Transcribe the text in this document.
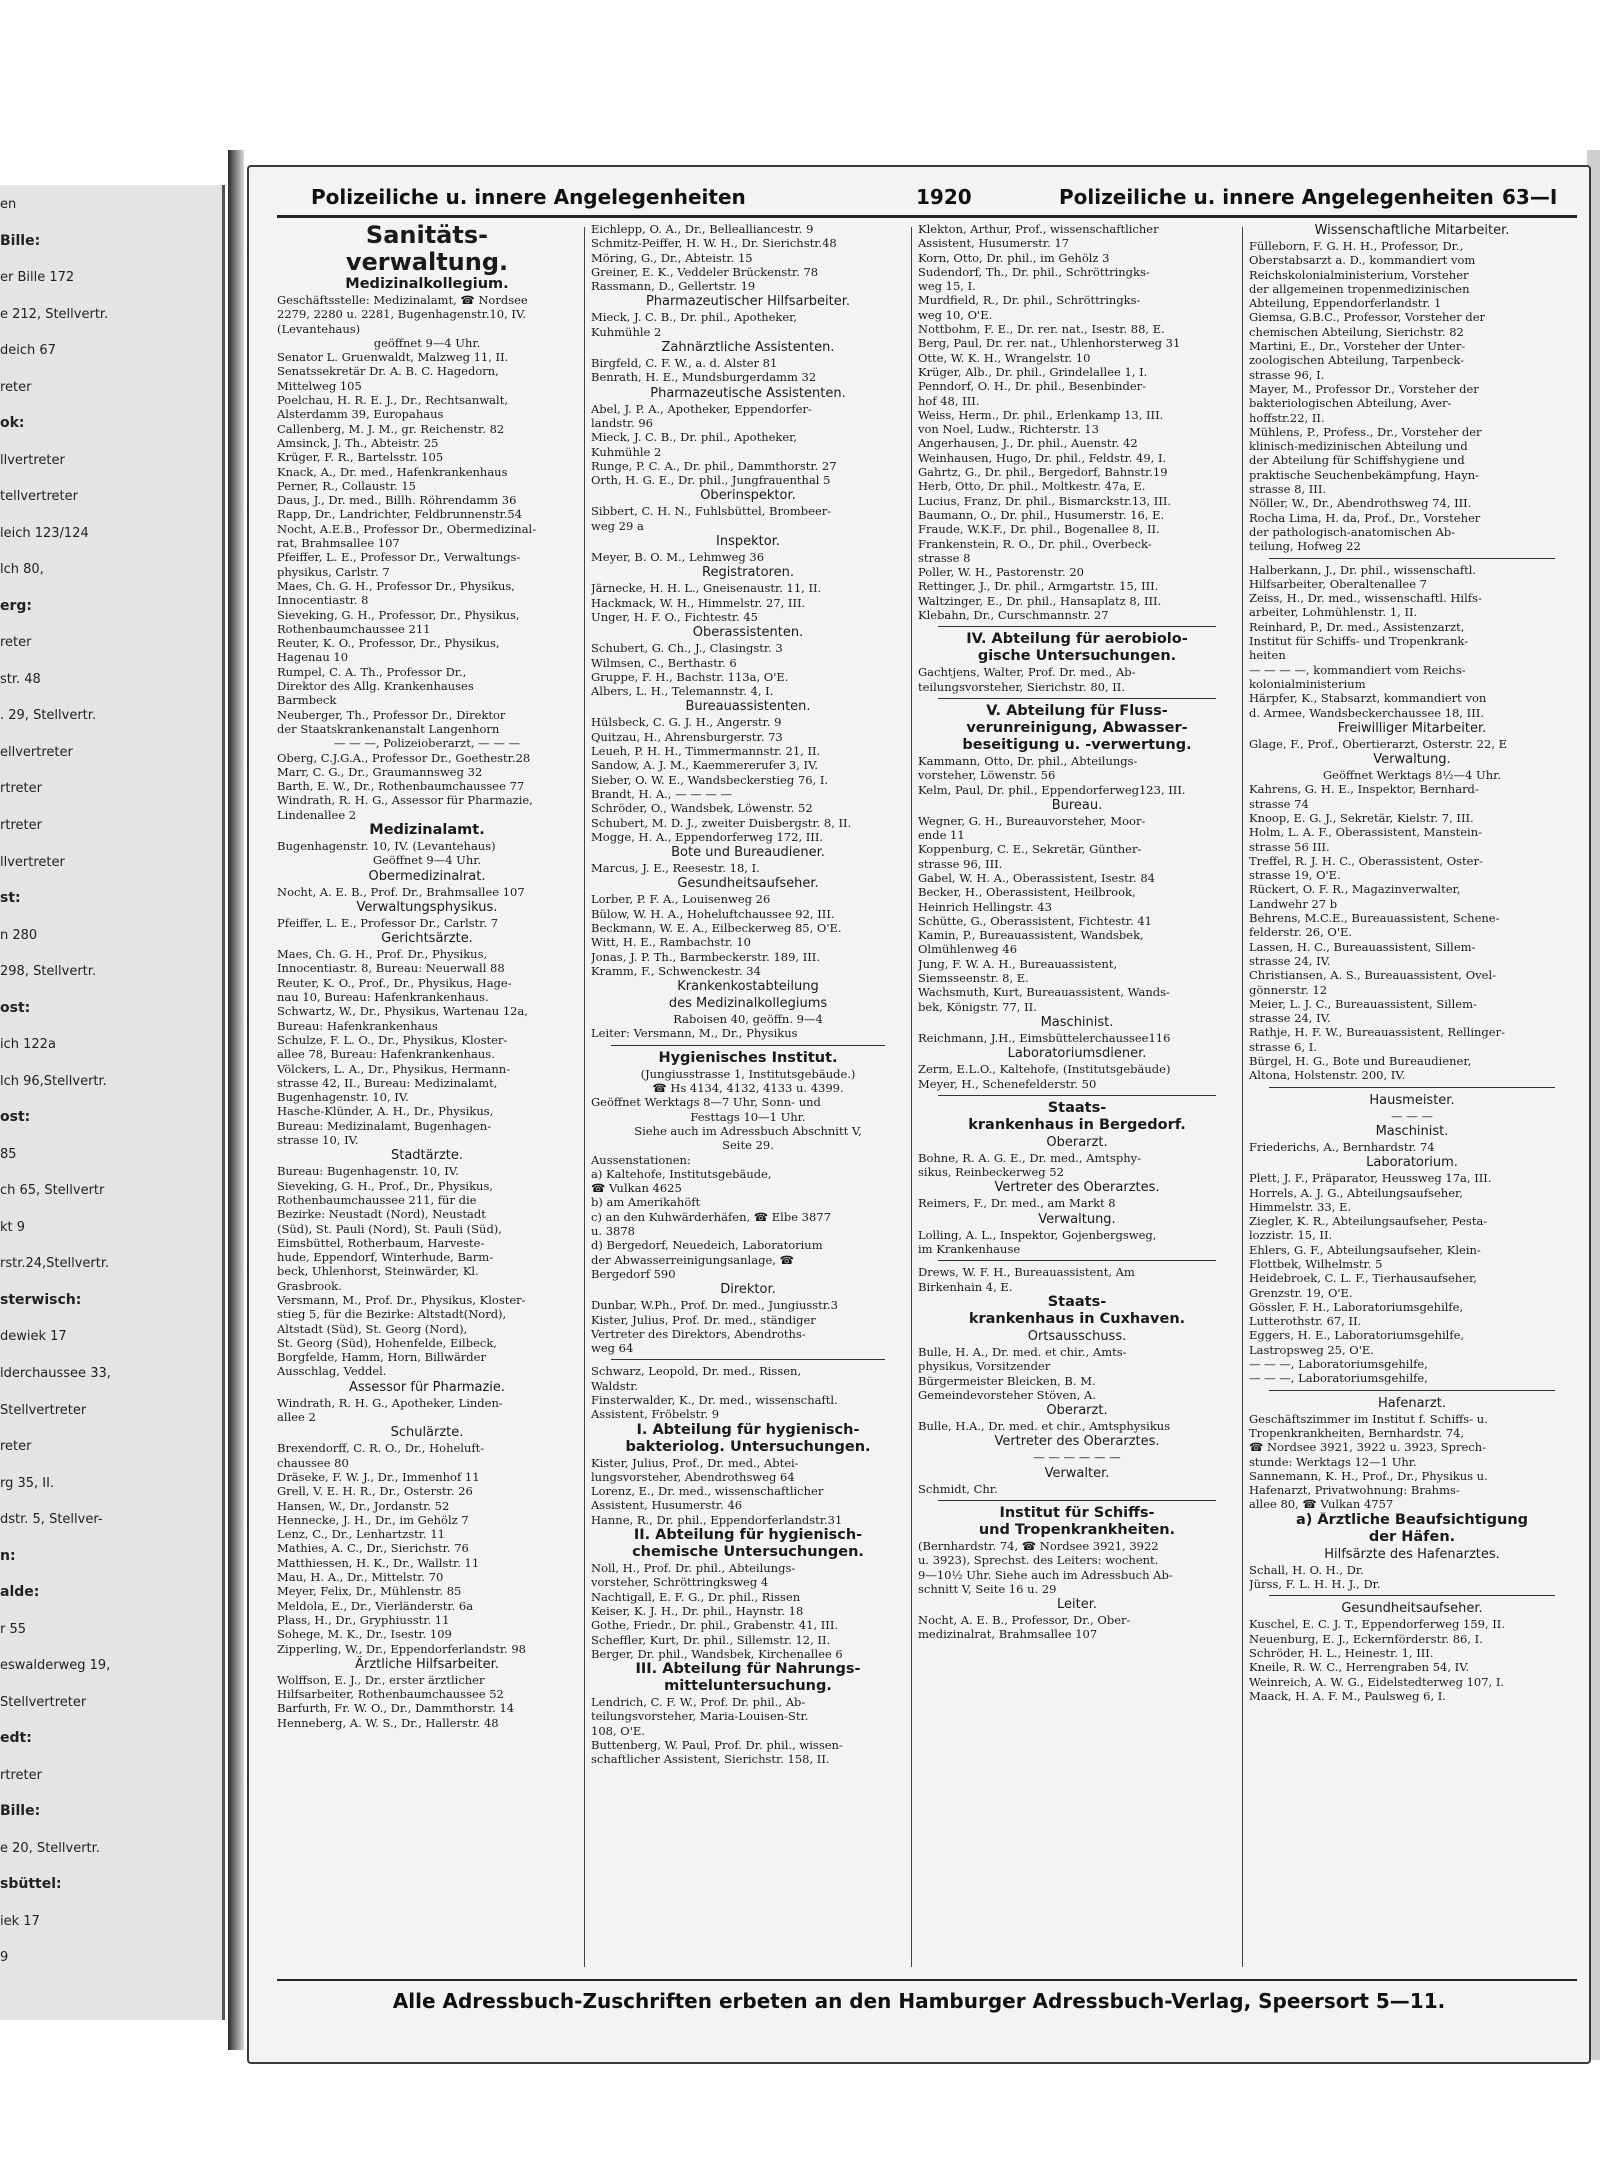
en
Bille:
er Bille 172
e 212, Stellvertr.
deich 67
reter
ok:
llvertreter
tellvertreter
leich 123/124
lch 80,
erg:
reter
str. 48
. 29, Stellvertr.
ellvertreter
rtreter
rtreter
llvertreter
st:
n 280
298, Stellvertr.
ost:
ich 122a
lch 96,Stellvertr.
ost:
85
ch 65, Stellvertr
kt 9
rstr.24,Stellvertr.
sterwisch:
dewiek 17
lderchaussee 33,
Stellvertreter
reter
rg 35, II.
dstr. 5, Stellver-
n:
alde:
r 55
eswalderweg 19,
Stellvertreter
edt:
rtreter
Bille:
e 20, Stellvertr.
sbüttel:
iek 17
9
Polizeiliche u. innere Angelegenheiten	1920	Polizeiliche u. innere Angelegenheiten 63—I
Sanitäts-
verwaltung.
Medizinalkollegium.
Geschäftsstelle: Medizinalamt, ☎ Nordsee
2279, 2280 u. 2281, Bugenhagenstr.10, IV.
(Levantehaus)
geöffnet 9—4 Uhr.
Senator L. Gruenwaldt, Malzweg 11, II.
Senatssekretär Dr. A. B. C. Hagedorn,
Mittelweg 105
Poelchau, H. R. E. J., Dr., Rechtsanwalt,
Alsterdamm 39, Europahaus
Callenberg, M. J. M., gr. Reichenstr. 82
Amsinck, J. Th., Abteistr. 25
Krüger, F. R., Bartelsstr. 105
Knack, A., Dr. med., Hafenkrankenhaus
Perner, R., Collaustr. 15
Daus, J., Dr. med., Billh. Röhrendamm 36
Rapp, Dr., Landrichter, Feldbrunnenstr.54
Nocht, A.E.B., Professor Dr., Obermedizinal-
rat, Brahmsallee 107
Pfeiffer, L. E., Professor Dr., Verwaltungs-
physikus, Carlstr. 7
Maes, Ch. G. H., Professor Dr., Physikus,
Innocentiastr. 8
Sieveking, G. H., Professor, Dr., Physikus,
Rothenbaumchaussee 211
Reuter, K. O., Professor, Dr., Physikus,
Hagenau 10
Rumpel, C. A. Th., Professor Dr.,
Direktor des Allg. Krankenhauses
Barmbeck
Neuberger, Th., Professor Dr., Direktor
der Staatskrankenanstalt Langenhorn
— — —, Polizeioberarzt, — — —
Oberg, C.J.G.A., Professor Dr., Goethestr.28
Marr, C. G., Dr., Graumannsweg 32
Barth, E. W., Dr., Rothenbaumchaussee 77
Windrath, R. H. G., Assessor für Pharmazie,
Lindenallee 2
Medizinalamt.
Bugenhagenstr. 10, IV. (Levantehaus)
Geöffnet 9—4 Uhr.
Obermedizinalrat.
Nocht, A. E. B., Prof. Dr., Brahmsallee 107
Verwaltungsphysikus.
Pfeiffer, L. E., Professor Dr., Carlstr. 7
Gerichtsärzte.
Maes, Ch. G. H., Prof. Dr., Physikus,
Innocentiastr. 8, Bureau: Neuerwall 88
Reuter, K. O., Prof., Dr., Physikus, Hage-
nau 10, Bureau: Hafenkrankenhaus.
Schwartz, W., Dr., Physikus, Wartenau 12a,
Bureau: Hafenkrankenhaus
Schulze, F. L. O., Dr., Physikus, Kloster-
allee 78, Bureau: Hafenkrankenhaus.
Völckers, L. A., Dr., Physikus, Hermann-
strasse 42, II., Bureau: Medizinalamt,
Bugenhagenstr. 10, IV.
Hasche-Klünder, A. H., Dr., Physikus,
Bureau: Medizinalamt, Bugenhagen-
strasse 10, IV.
Stadtärzte.
Bureau: Bugenhagenstr. 10, IV.
Sieveking, G. H., Prof., Dr., Physikus,
Rothenbaumchaussee 211, für die
Bezirke: Neustadt (Nord), Neustadt
(Süd), St. Pauli (Nord), St. Pauli (Süd),
Eimsbüttel, Rotherbaum, Harveste-
hude, Eppendorf, Winterhude, Barm-
beck, Uhlenhorst, Steinwärder, Kl.
Grasbrook.
Versmann, M., Prof. Dr., Physikus, Kloster-
stieg 5, für die Bezirke: Altstadt(Nord),
Altstadt (Süd), St. Georg (Nord),
St. Georg (Süd), Hohenfelde, Eilbeck,
Borgfelde, Hamm, Horn, Billwärder
Ausschlag, Veddel.
Assessor für Pharmazie.
Windrath, R. H. G., Apotheker, Linden-
allee 2
Schulärzte.
Brexendorff, C. R. O., Dr., Hoheluft-
chaussee 80
Dräseke, F. W. J., Dr., Immenhof 11
Grell, V. E. H. R., Dr., Osterstr. 26
Hansen, W., Dr., Jordanstr. 52
Hennecke, J. H., Dr., im Gehölz 7
Lenz, C., Dr., Lenhartzstr. 11
Mathies, A. C., Dr., Sierichstr. 76
Matthiessen, H. K., Dr., Wallstr. 11
Mau, H. A., Dr., Mittelstr. 70
Meyer, Felix, Dr., Mühlenstr. 85
Meldola, E., Dr., Vierländerstr. 6a
Plass, H., Dr., Gryphiusstr. 11
Sohege, M. K., Dr., Isestr. 109
Zipperling, W., Dr., Eppendorferlandstr. 98
Ärztliche Hilfsarbeiter.
Wolffson, E. J., Dr., erster ärztlicher
Hilfsarbeiter, Rothenbaumchaussee 52
Barfurth, Fr. W. O., Dr., Dammthorstr. 14
Henneberg, A. W. S., Dr., Hallerstr. 48
Eichlepp, O. A., Dr., Bellealliancestr. 9
Schmitz-Peiffer, H. W. H., Dr. Sierichstr.48
Möring, G., Dr., Abteistr. 15
Greiner, E. K., Veddeler Brückenstr. 78
Rassmann, D., Gellertstr. 19
Pharmazeutischer Hilfsarbeiter.
Mieck, J. C. B., Dr. phil., Apotheker,
Kuhmühle 2
Zahnärztliche Assistenten.
Birgfeld, C. F. W., a. d. Alster 81
Benrath, H. E., Mundsburgerdamm 32
Pharmazeutische Assistenten.
Abel, J. P. A., Apotheker, Eppendorfer-
landstr. 96
Mieck, J. C. B., Dr. phil., Apotheker,
Kuhmühle 2
Runge, P. C. A., Dr. phil., Dammthorstr. 27
Orth, H. G. E., Dr. phil., Jungfrauenthal 5
Oberinspektor.
Sibbert, C. H. N., Fuhlsbüttel, Brombeer-
weg 29 a
Inspektor.
Meyer, B. O. M., Lehmweg 36
Registratoren.
Järnecke, H. H. L., Gneisenaustr. 11, II.
Hackmack, W. H., Himmelstr. 27, III.
Unger, H. F. O., Fichtestr. 45
Oberassistenten.
Schubert, G. Ch., J., Clasingstr. 3
Wilmsen, C., Berthastr. 6
Gruppe, F. H., Bachstr. 113a, O'E.
Albers, L. H., Telemannstr. 4, I.
Bureauassistenten.
Hülsbeck, C. G. J. H., Angerstr. 9
Quitzau, H., Ahrensburgerstr. 73
Leueh, P. H. H., Timmermannstr. 21, II.
Sandow, A. J. M., Kaemmererufer 3, IV.
Sieber, O. W. E., Wandsbeckerstieg 76, I.
Brandt, H. A., — — — —
Schröder, O., Wandsbek, Löwenstr. 52
Schubert, M. D. J., zweiter Duisbergstr. 8, II.
Mogge, H. A., Eppendorferweg 172, III.
Bote und Bureaudiener.
Marcus, J. E., Reesestr. 18, I.
Gesundheitsaufseher.
Lorber, P. F. A., Louisenweg 26
Bülow, W. H. A., Hoheluftchaussee 92, III.
Beckmann, W. E. A., Eilbeckerweg 85, O'E.
Witt, H. E., Rambachstr. 10
Jonas, J. P. Th., Barmbeckerstr. 189, III.
Kramm, F., Schwenckestr. 34
Krankenkostabteilung
des Medizinalkollegiums
Raboisen 40, geöffn. 9—4
Leiter: Versmann, M., Dr., Physikus
Hygienisches Institut.
(Jungiusstrasse 1, Institutsgebäude.)
☎ Hs 4134, 4132, 4133 u. 4399.
Geöffnet Werktags 8—7 Uhr, Sonn- und
Festtags 10—1 Uhr.
Siehe auch im Adressbuch Abschnitt V,
Seite 29.
Aussenstationen:
a) Kaltehofe, Institutsgebäude,
☎ Vulkan 4625
b) am Amerikahöft
c) an den Kuhwärderhäfen, ☎ Elbe 3877
u. 3878
d) Bergedorf, Neuedeich, Laboratorium
der Abwasserreinigungsanlage, ☎
Bergedorf 590
Direktor.
Dunbar, W.Ph., Prof. Dr. med., Jungiusstr.3
Kister, Julius, Prof. Dr. med., ständiger
Vertreter des Direktors, Abendroths-
weg 64
Schwarz, Leopold, Dr. med., Rissen,
Waldstr.
Finsterwalder, K., Dr. med., wissenschaftl.
Assistent, Fröbelstr. 9
I. Abteilung für hygienisch-
bakteriolog. Untersuchungen.
Kister, Julius, Prof., Dr. med., Abtei-
lungsvorsteher, Abendrothsweg 64
Lorenz, E., Dr. med., wissenschaftlicher
Assistent, Husumerstr. 46
Hanne, R., Dr. phil., Eppendorferlandstr.31
II. Abteilung für hygienisch-
chemische Untersuchungen.
Noll, H., Prof. Dr. phil., Abteilungs-
vorsteher, Schröttringksweg 4
Nachtigall, E. F. G., Dr. phil., Rissen
Keiser, K. J. H., Dr. phil., Haynstr. 18
Gothe, Friedr., Dr. phil., Grabenstr. 41, III.
Scheffler, Kurt, Dr. phil., Sillemstr. 12, II.
Berger, Dr. phil., Wandsbek, Kirchenallee 6
III. Abteilung für Nahrungs-
mitteluntersuchung.
Lendrich, C. F. W., Prof. Dr. phil., Ab-
teilungsvorsteher, Maria-Louisen-Str.
108, O'E.
Buttenberg, W. Paul, Prof. Dr. phil., wissen-
schaftlicher Assistent, Sierichstr. 158, II.
Klekton, Arthur, Prof., wissenschaftlicher
Assistent, Husumerstr. 17
Korn, Otto, Dr. phil., im Gehölz 3
Sudendorf, Th., Dr. phil., Schröttringks-
weg 15, I.
Murdfield, R., Dr. phil., Schröttringks-
weg 10, O'E.
Nottbohm, F. E., Dr. rer. nat., Isestr. 88, E.
Berg, Paul, Dr. rer. nat., Uhlenhorsterweg 31
Otte, W. K. H., Wrangelstr. 10
Krüger, Alb., Dr. phil., Grindelallee 1, I.
Penndorf, O. H., Dr. phil., Besenbinder-
hof 48, III.
Weiss, Herm., Dr. phil., Erlenkamp 13, III.
von Noel, Ludw., Richterstr. 13
Angerhausen, J., Dr. phil., Auenstr. 42
Weinhausen, Hugo, Dr. phil., Feldstr. 49, I.
Gahrtz, G., Dr. phil., Bergedorf, Bahnstr.19
Herb, Otto, Dr. phil., Moltkestr. 47a, E.
Lucius, Franz, Dr. phil., Bismarckstr.13, III.
Baumann, O., Dr. phil., Husumerstr. 16, E.
Fraude, W.K.F., Dr. phil., Bogenallee 8, II.
Frankenstein, R. O., Dr. phil., Overbeck-
strasse 8
Poller, W. H., Pastorenstr. 20
Rettinger, J., Dr. phil., Armgartstr. 15, III.
Waltzinger, E., Dr. phil., Hansaplatz 8, III.
Klebahn, Dr., Curschmannstr. 27
IV. Abteilung für aerobiolo-
gische Untersuchungen.
Gachtjens, Walter, Prof. Dr. med., Ab-
teilungsvorsteher, Sierichstr. 80, II.
V. Abteilung für Fluss-
verunreinigung, Abwasser-
beseitigung u. -verwertung.
Kammann, Otto, Dr. phil., Abteilungs-
vorsteher, Löwenstr. 56
Kelm, Paul, Dr. phil., Eppendorferweg123, III.
Bureau.
Wegner, G. H., Bureauvorsteher, Moor-
ende 11
Koppenburg, C. E., Sekretär, Günther-
strasse 96, III.
Gabel, W. H. A., Oberassistent, Isestr. 84
Becker, H., Oberassistent, Heilbrook,
Heinrich Hellingstr. 43
Schütte, G., Oberassistent, Fichtestr. 41
Kamin, P., Bureauassistent, Wandsbek,
Olmühlenweg 46
Jung, F. W. A. H., Bureauassistent,
Siemsseenstr. 8, E.
Wachsmuth, Kurt, Bureauassistent, Wands-
bek, Königstr. 77, II.
Maschinist.
Reichmann, J.H., Eimsbüttelerchaussee116
Laboratoriumsdiener.
Zerm, E.L.O., Kaltehofe, (Institutsgebäude)
Meyer, H., Schenefelderstr. 50
Staats-
krankenhaus in Bergedorf.
Oberarzt.
Bohne, R. A. G. E., Dr. med., Amtsphy-
sikus, Reinbeckerweg 52
Vertreter des Oberarztes.
Reimers, F., Dr. med., am Markt 8
Verwaltung.
Lolling, A. L., Inspektor, Gojenbergsweg,
im Krankenhause
Drews, W. F. H., Bureauassistent, Am
Birkenhain 4, E.
Staats-
krankenhaus in Cuxhaven.
Ortsausschuss.
Bulle, H. A., Dr. med. et chir., Amts-
physikus, Vorsitzender
Bürgermeister Bleicken, B. M.
Gemeindevorsteher Stöven, A.
Oberarzt.
Bulle, H.A., Dr. med. et chir., Amtsphysikus
Vertreter des Oberarztes.
— — — — — —
Verwalter.
Schmidt, Chr.
Institut für Schiffs-
und Tropenkrankheiten.
(Bernhardstr. 74, ☎ Nordsee 3921, 3922
u. 3923), Sprechst. des Leiters: wochent.
9—10½ Uhr. Siehe auch im Adressbuch Ab-
schnitt V, Seite 16 u. 29
Leiter.
Nocht, A. E. B., Professor, Dr., Ober-
medizinalrat, Brahmsallee 107
Wissenschaftliche Mitarbeiter.
Fülleborn, F. G. H. H., Professor, Dr.,
Oberstabsarzt a. D., kommandiert vom
Reichskolonialministerium, Vorsteher
der allgemeinen tropenmedizinischen
Abteilung, Eppendorferlandstr. 1
Giemsa, G.B.C., Professor, Vorsteher der
chemischen Abteilung, Sierichstr. 82
Martini, E., Dr., Vorsteher der Unter-
zoologischen Abteilung, Tarpenbeck-
strasse 96, I.
Mayer, M., Professor Dr., Vorsteher der
bakteriologischen Abteilung, Aver-
hoffstr.22, II.
Mühlens, P., Profess., Dr., Vorsteher der
klinisch-medizinischen Abteilung und
der Abteilung für Schiffshygiene und
praktische Seuchenbekämpfung, Hayn-
strasse 8, III.
Nöller, W., Dr., Abendrothsweg 74, III.
Rocha Lima, H. da, Prof., Dr., Vorsteher
der pathologisch-anatomischen Ab-
teilung, Hofweg 22
Halberkann, J., Dr. phil., wissenschaftl.
Hilfsarbeiter, Oberaltenallee 7
Zeiss, H., Dr. med., wissenschaftl. Hilfs-
arbeiter, Lohmühlenstr. 1, II.
Reinhard, P., Dr. med., Assistenzarzt,
Institut für Schiffs- und Tropenkrank-
heiten
— — — —, kommandiert vom Reichs-
kolonialministerium
Härpfer, K., Stabsarzt, kommandiert von
d. Armee, Wandsbeckerchaussee 18, III.
Freiwilliger Mitarbeiter.
Glage, F., Prof., Obertierarzt, Osterstr. 22, E
Verwaltung.
Geöffnet Werktags 8½—4 Uhr.
Kahrens, G. H. E., Inspektor, Bernhard-
strasse 74
Knoop, E. G. J., Sekretär, Kielstr. 7, III.
Holm, L. A. F., Oberassistent, Manstein-
strasse 56 III.
Treffel, R. J. H. C., Oberassistent, Oster-
strasse 19, O'E.
Rückert, O. F. R., Magazinverwalter,
Landwehr 27 b
Behrens, M.C.E., Bureauassistent, Schene-
felderstr. 26, O'E.
Lassen, H. C., Bureauassistent, Sillem-
strasse 24, IV.
Christiansen, A. S., Bureauassistent, Ovel-
gönnerstr. 12
Meier, L. J. C., Bureauassistent, Sillem-
strasse 24, IV.
Rathje, H. F. W., Bureauassistent, Rellinger-
strasse 6, I.
Bürgel, H. G., Bote und Bureaudiener,
Altona, Holstenstr. 200, IV.
Hausmeister.
— — —
Maschinist.
Friederichs, A., Bernhardstr. 74
Laboratorium.
Plett, J. F., Präparator, Heussweg 17a, III.
Horrels, A. J. G., Abteilungsaufseher,
Himmelstr. 33, E.
Ziegler, K. R., Abteilungsaufseher, Pesta-
lozzistr. 15, II.
Ehlers, G. F., Abteilungsaufseher, Klein-
Flottbek, Wilhelmstr. 5
Heidebroek, C. L. F., Tierhausaufseher,
Grenzstr. 19, O'E.
Gössler, F. H., Laboratoriumsgehilfe,
Lutterothstr. 67, II.
Eggers, H. E., Laboratoriumsgehilfe,
Lastropsweg 25, O'E.
— — —, Laboratoriumsgehilfe,
— — —, Laboratoriumsgehilfe,
Hafenarzt.
Geschäftszimmer im Institut f. Schiffs- u.
Tropenkrankheiten, Bernhardstr. 74,
☎ Nordsee 3921, 3922 u. 3923, Sprech-
stunde: Werktags 12—1 Uhr.
Sannemann, K. H., Prof., Dr., Physikus u.
Hafenarzt, Privatwohnung: Brahms-
allee 80, ☎ Vulkan 4757
a) Ärztliche Beaufsichtigung
der Häfen.
Hilfsärzte des Hafenarztes.
Schall, H. O. H., Dr.
Jürss, F. L. H. H. J., Dr.
Gesundheitsaufseher.
Kuschel, E. C. J. T., Eppendorferweg 159, II.
Neuenburg, E. J., Eckernförderstr. 86, I.
Schröder, H. L., Heinestr. 1, III.
Kneile, R. W. C., Herrengraben 54, IV.
Weinreich, A. W. G., Eidelstedterweg 107, I.
Maack, H. A. F. M., Paulsweg 6, I.
Alle Adressbuch-Zuschriften erbeten an den Hamburger Adressbuch-Verlag, Speersort 5—11.
